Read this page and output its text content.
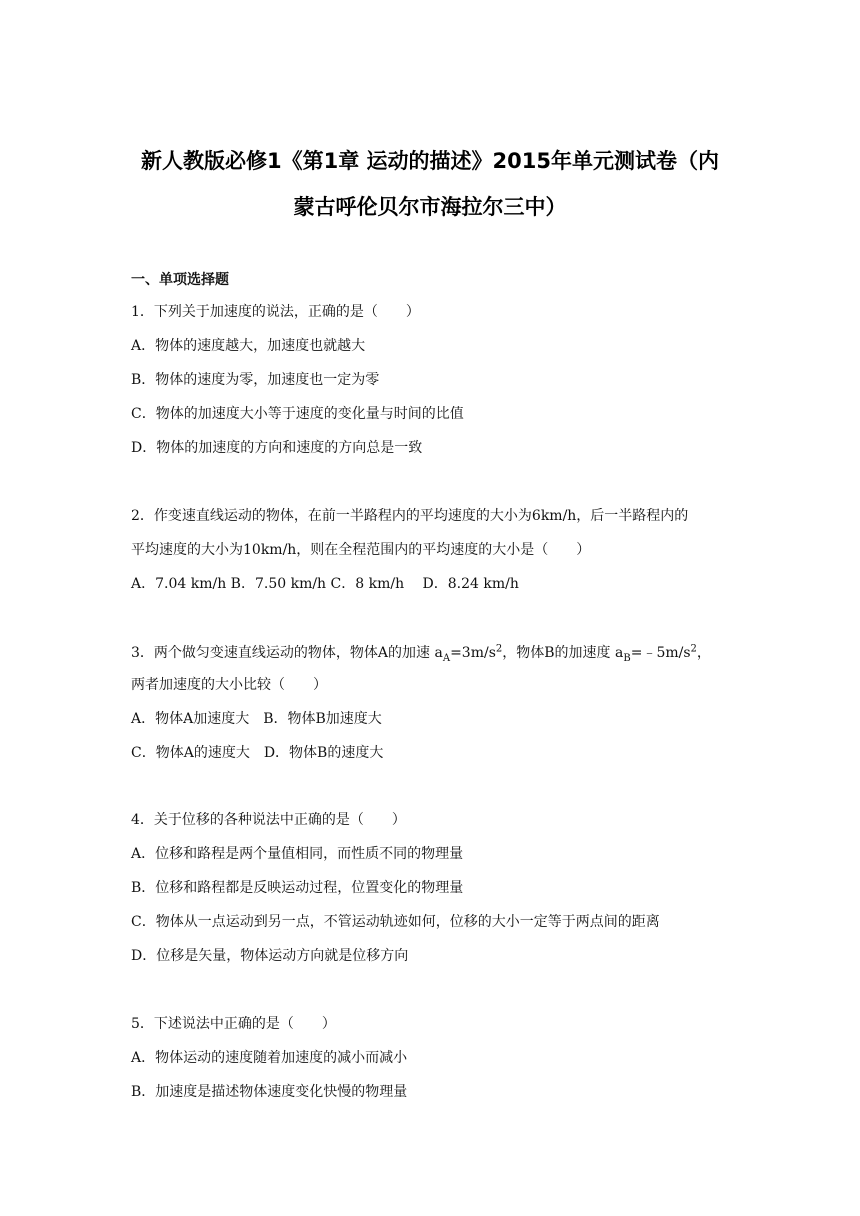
新人教版必修1《第1章 运动的描述》2015年单元测试卷（内
蒙古呼伦贝尔市海拉尔三中）
一、单项选择题
1．下列关于加速度的说法，正确的是（　　）
A．物体的速度越大，加速度也就越大
B．物体的速度为零，加速度也一定为零
C．物体的加速度大小等于速度的变化量与时间的比值
D．物体的加速度的方向和速度的方向总是一致
2．作变速直线运动的物体，在前一半路程内的平均速度的大小为6km/h，后一半路程内的
平均速度的大小为10km/h，则在全程范围内的平均速度的大小是（　　）
A．7.04 km/h B．7.50 km/h C．8 km/h　 D．8.24 km/h
3．两个做匀变速直线运动的物体，物体A的加速 $a_A=3m/s^2$，物体B的加速度 $a_B=﹣5m/s^2$，
两者加速度的大小比较（　　）
A．物体A加速度大　B．物体B加速度大
C．物体A的速度大　D．物体B的速度大
4．关于位移的各种说法中正确的是（　　）
A．位移和路程是两个量值相同，而性质不同的物理量
B．位移和路程都是反映运动过程，位置变化的物理量
C．物体从一点运动到另一点，不管运动轨迹如何，位移的大小一定等于两点间的距离
D．位移是矢量，物体运动方向就是位移方向
5．下述说法中正确的是（　　）
A．物体运动的速度随着加速度的减小而减小
B．加速度是描述物体速度变化快慢的物理量
